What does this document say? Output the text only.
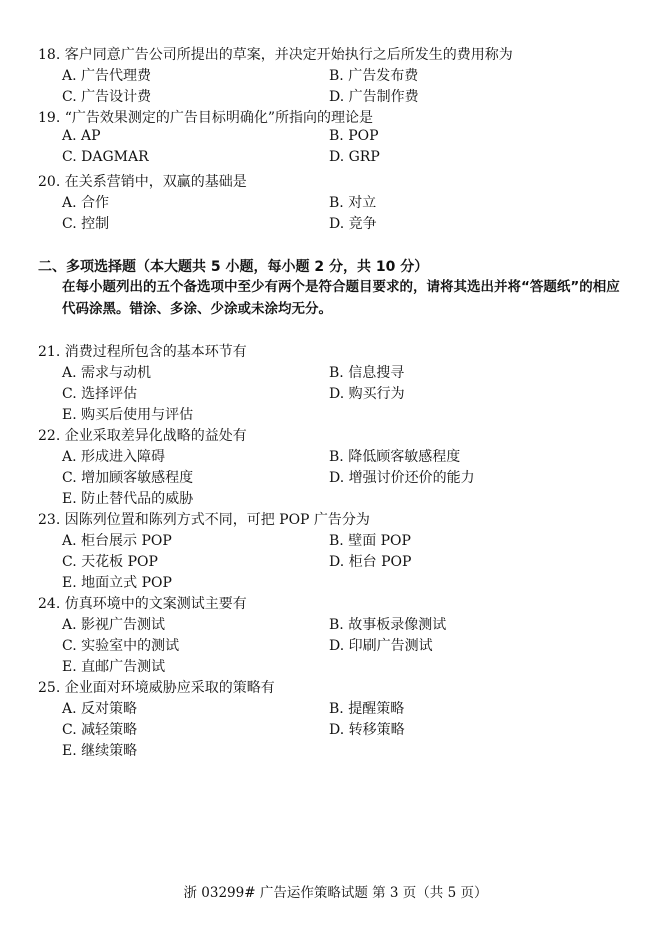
18. 客户同意广告公司所提出的草案，并决定开始执行之后所发生的费用称为
A. 广告代理费	B. 广告发布费
C. 广告设计费	D. 广告制作费
19. “广告效果测定的广告目标明确化”所指向的理论是
A. AP	B. POP
C. DAGMAR	D. GRP
20. 在关系营销中，双赢的基础是
A. 合作	B. 对立
C. 控制	D. 竞争
二、多项选择题（本大题共 5 小题，每小题 2 分，共 10 分）
在每小题列出的五个备选项中至少有两个是符合题目要求的，请将其选出并将“答题纸”的相应代码涂黑。错涂、多涂、少涂或未涂均无分。
21. 消费过程所包含的基本环节有
A. 需求与动机	B. 信息搜寻
C. 选择评估	D. 购买行为
E. 购买后使用与评估
22. 企业采取差异化战略的益处有
A. 形成进入障碍	B. 降低顾客敏感程度
C. 增加顾客敏感程度	D. 增强讨价还价的能力
E. 防止替代品的威胁
23. 因陈列位置和陈列方式不同，可把 POP 广告分为
A. 柜台展示 POP	B. 壁面 POP
C. 天花板 POP	D. 柜台 POP
E. 地面立式 POP
24. 仿真环境中的文案测试主要有
A. 影视广告测试	B. 故事板录像测试
C. 实验室中的测试	D. 印刷广告测试
E. 直邮广告测试
25. 企业面对环境威胁应采取的策略有
A. 反对策略	B. 提醒策略
C. 减轻策略	D. 转移策略
E. 继续策略
浙 03299# 广告运作策略试题 第 3 页（共 5 页）
